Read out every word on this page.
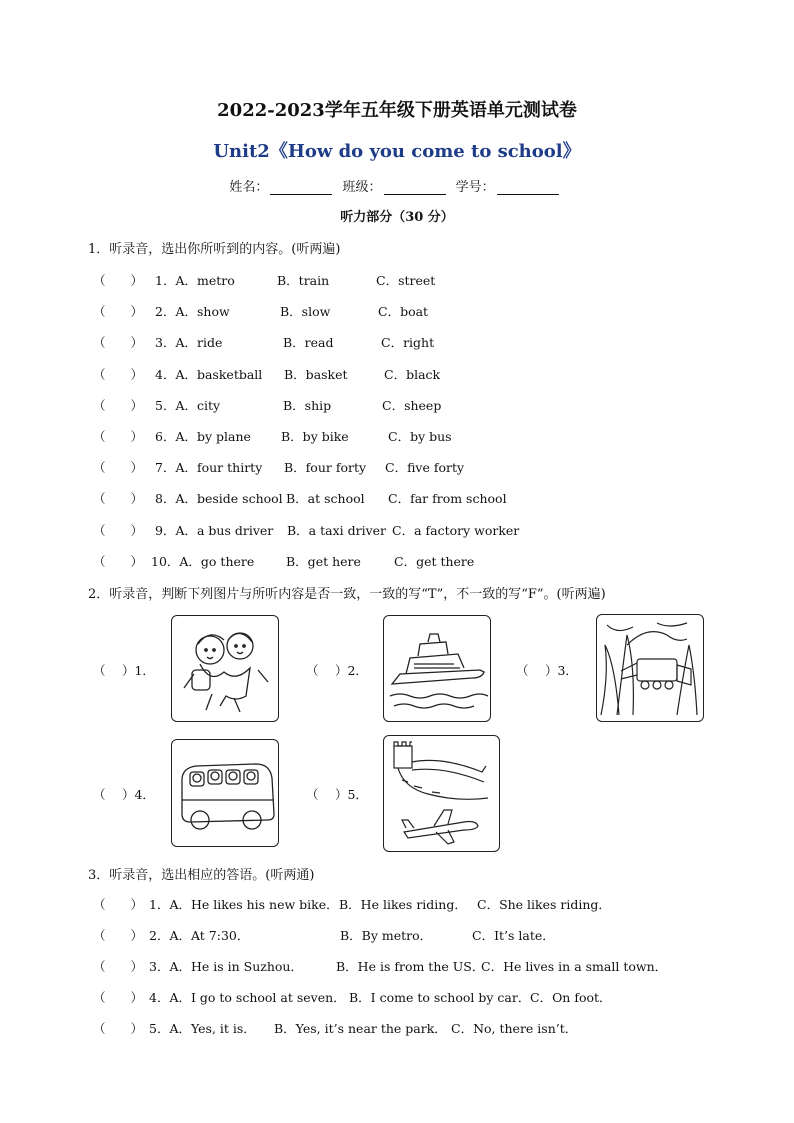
2022-2023学年五年级下册英语单元测试卷
Unit2《How do you come to school》
姓名：	班级：	学号：
听力部分（30 分）
1．听录音，选出你所听到的内容。(听两遍)
（　　） 1．A．metro	B．train	C．street
（　　） 2．A．show	B．slow	C．boat
（　　） 3．A．ride	B．read	C．right
（　　） 4．A．basketball B．basket	C．black
（　　） 5．A．city	B．ship	C．sheep
（　　） 6．A．by plane B．by bike	C．by bus
（　　） 7．A．four thirty B．four forty C．five forty
（　　） 8．A．beside school B．at school C．far from school
（　　） 9．A．a bus driver B．a taxi driver C．a factory worker
（　　） 10．A．go there	B．get here	C．get there
2．听录音，判断下列图片与所听内容是否一致，一致的写“T”，不一致的写“F”。(听两遍)
（　 ）1．	（　 ）2．	（　 ）3．
（　 ）4．	（　 ）5．
3．听录音，选出相应的答语。(听两通)
（　　） 1．A．He likes his new bike． B．He likes riding． C．She likes riding．
（　　） 2．A．At 7:30．	B．By metro．	C．It’s late．
（　　） 3．A．He is in Suzhou．	B．He is from the US．
C．He lives in a small town．
（　　） 4．A．I go to school at seven． B．I come to school by car． C．On foot．
（　　） 5．A．Yes, it is． B．Yes, it’s near the park． C．No, there isn’t．
